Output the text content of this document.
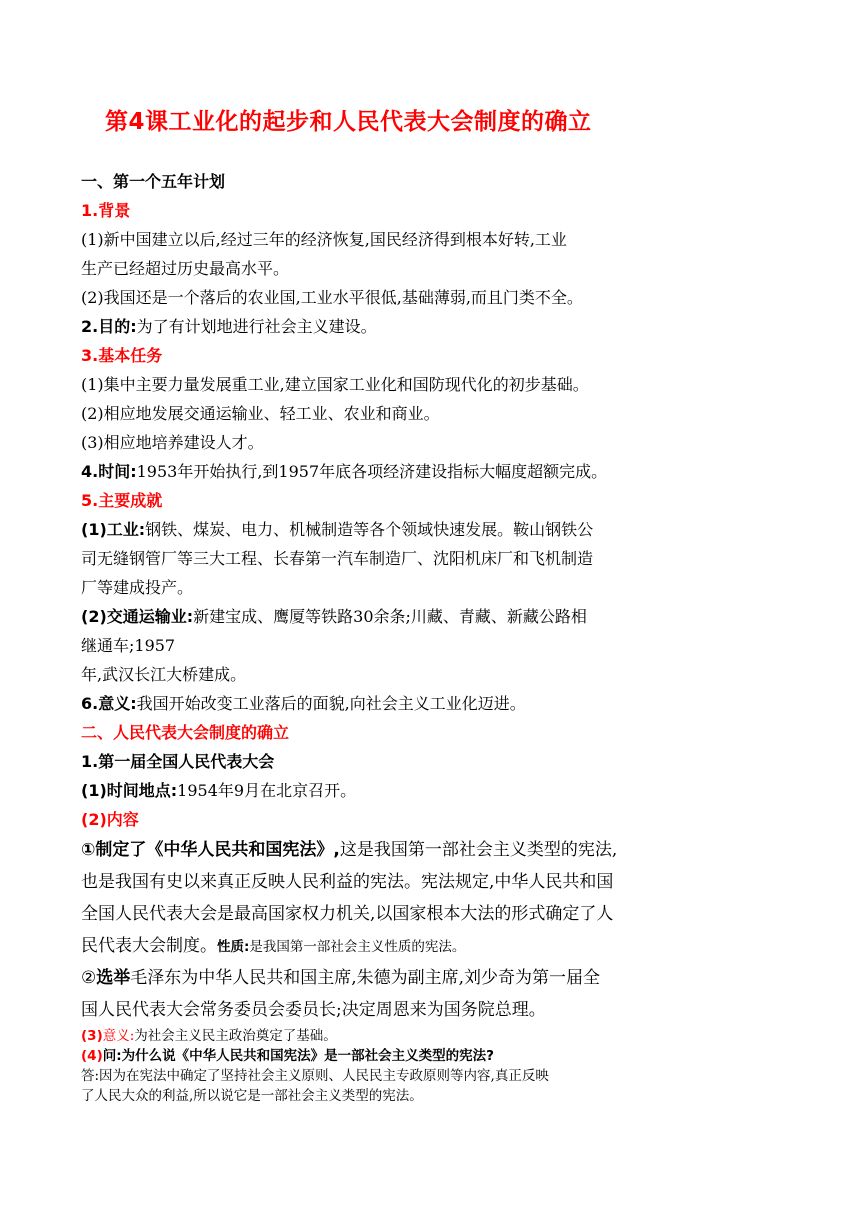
第4课工业化的起步和人民代表大会制度的确立
一、第一个五年计划
1.背景
(1)新中国建立以后,经过三年的经济恢复,国民经济得到根本好转,工业
生产已经超过历史最高水平。
(2)我国还是一个落后的农业国,工业水平很低,基础薄弱,而且门类不全。
2.目的:为了有计划地进行社会主义建设。
3.基本任务
(1)集中主要力量发展重工业,建立国家工业化和国防现代化的初步基础。
(2)相应地发展交通运输业、轻工业、农业和商业。
(3)相应地培养建设人才。
4.时间:1953年开始执行,到1957年底各项经济建设指标大幅度超额完成。
5.主要成就
(1)工业:钢铁、煤炭、电力、机械制造等各个领域快速发展。鞍山钢铁公
司无缝钢管厂等三大工程、长春第一汽车制造厂、沈阳机床厂和飞机制造
厂等建成投产。
(2)交通运输业:新建宝成、鹰厦等铁路30余条;川藏、青藏、新藏公路相
继通车;1957
年,武汉长江大桥建成。
6.意义:我国开始改变工业落后的面貌,向社会主义工业化迈进。
二、人民代表大会制度的确立
1.第一届全国人民代表大会
(1)时间地点:1954年9月在北京召开。
(2)内容
①制定了《中华人民共和国宪法》,这是我国第一部社会主义类型的宪法,
也是我国有史以来真正反映人民利益的宪法。宪法规定,中华人民共和国
全国人民代表大会是最高国家权力机关,以国家根本大法的形式确定了人
民代表大会制度。性质:是我国第一部社会主义性质的宪法。
②选举毛泽东为中华人民共和国主席,朱德为副主席,刘少奇为第一届全
国人民代表大会常务委员会委员长;决定周恩来为国务院总理。
(3)意义:为社会主义民主政治奠定了基础。
(4)问:为什么说《中华人民共和国宪法》是一部社会主义类型的宪法?
答:因为在宪法中确定了坚持社会主义原则、人民民主专政原则等内容,真正反映
了人民大众的利益,所以说它是一部社会主义类型的宪法。
